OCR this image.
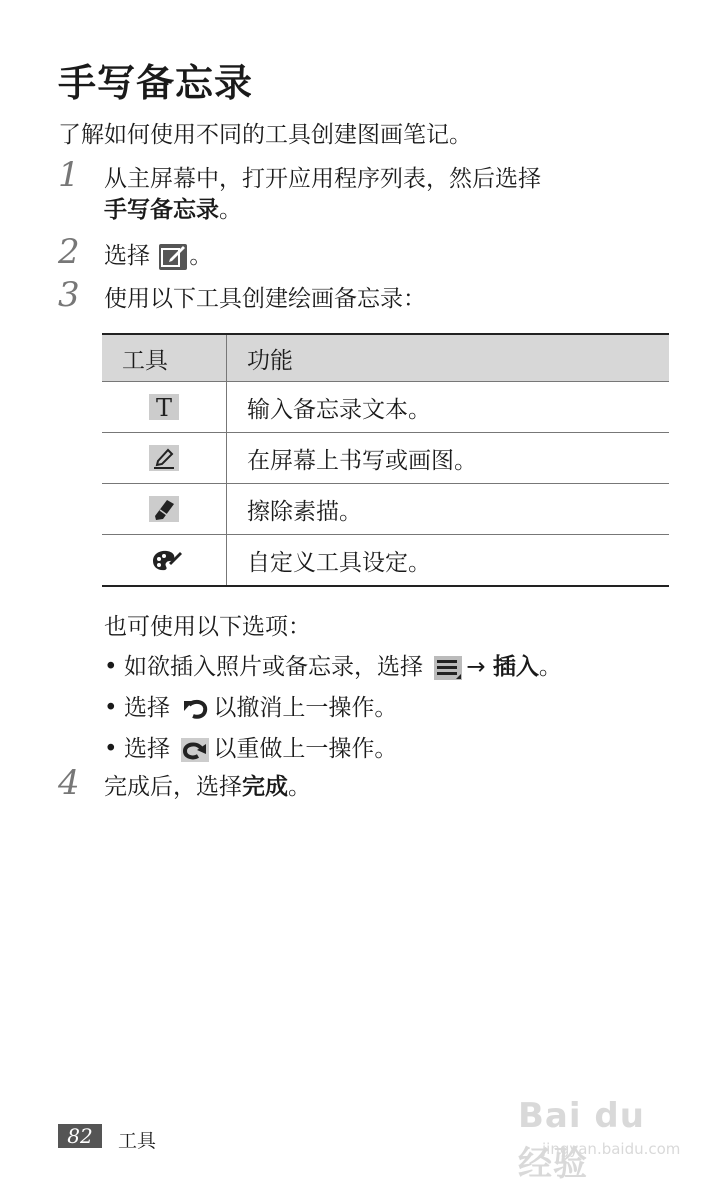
手写备忘录
了解如何使用不同的工具创建图画笔记。
1	从主屏幕中，打开应用程序列表，然后选择
手写备忘录。
2	选择 。
3	使用以下工具创建绘画备忘录：
工具	功能

T	输入备忘录文本。
	在屏幕上书写或画图。
	擦除素描。
	自定义工具设定。
也可使用以下选项：
• 如欲插入照片或备忘录，选择 → 插入。
• 选择 以撤消上一操作。
• 选择 以重做上一操作。
4	完成后，选择完成。
82	工具
Bai du 经验
jingyan.baidu.com
